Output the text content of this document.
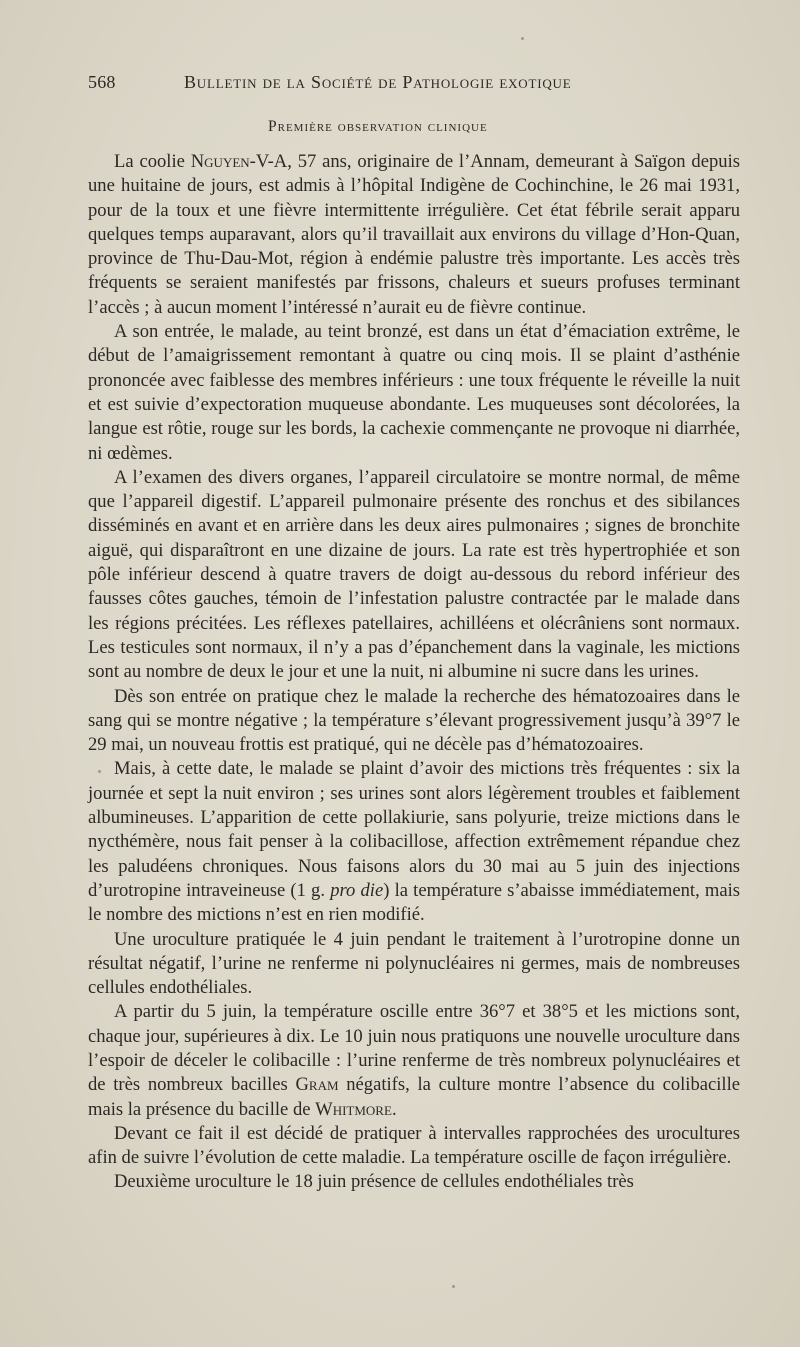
568	Bulletin de la Société de Pathologie exotique
Première observation clinique

La coolie Nguyen-V-A, 57 ans, originaire de l’Annam, demeurant à Saïgon depuis une huitaine de jours, est admis à l’hôpital Indigène de Cochinchine, le 26 mai 1931, pour de la toux et une fièvre intermittente irrégulière. Cet état fébrile serait apparu quelques temps auparavant, alors qu’il travaillait aux environs du village d’Hon-Quan, province de Thu-Dau-Mot, région à endémie palustre très importante. Les accès très fréquents se seraient manifestés par frissons, chaleurs et sueurs profuses terminant l’accès ; à aucun moment l’intéressé n’aurait eu de fièvre continue.

A son entrée, le malade, au teint bronzé, est dans un état d’émaciation extrême, le début de l’amaigrissement remontant à quatre ou cinq mois. Il se plaint d’asthénie prononcée avec faiblesse des membres inférieurs : une toux fréquente le réveille la nuit et est suivie d’expectoration muqueuse abondante. Les muqueuses sont décolorées, la langue est rôtie, rouge sur les bords, la cachexie commençante ne provoque ni diarrhée, ni œdèmes.

A l’examen des divers organes, l’appareil circulatoire se montre normal, de même que l’appareil digestif. L’appareil pulmonaire présente des ronchus et des sibilances disséminés en avant et en arrière dans les deux aires pulmonaires ; signes de bronchite aiguë, qui disparaîtront en une dizaine de jours. La rate est très hypertrophiée et son pôle inférieur descend à quatre travers de doigt au-dessous du rebord inférieur des fausses côtes gauches, témoin de l’infestation palustre contractée par le malade dans les régions précitées. Les réflexes patellaires, achilléens et olécrâniens sont normaux. Les testicules sont normaux, il n’y a pas d’épanchement dans la vaginale, les mictions sont au nombre de deux le jour et une la nuit, ni albumine ni sucre dans les urines.

Dès son entrée on pratique chez le malade la recherche des hématozoaires dans le sang qui se montre négative ; la température s’élevant progressivement jusqu’à 39°7 le 29 mai, un nouveau frottis est pratiqué, qui ne décèle pas d’hématozoaires.

Mais, à cette date, le malade se plaint d’avoir des mictions très fréquentes : six la journée et sept la nuit environ ; ses urines sont alors légèrement troubles et faiblement albumineuses. L’apparition de cette pollakiurie, sans polyurie, treize mictions dans le nycthémère, nous fait penser à la colibacillose, affection extrêmement répandue chez les paludéens chroniques. Nous faisons alors du 30 mai au 5 juin des injections d’urotropine intraveineuse (1 g. pro die) la température s’abaisse immédiatement, mais le nombre des mictions n’est en rien modifié.

Une uroculture pratiquée le 4 juin pendant le traitement à l’urotropine donne un résultat négatif, l’urine ne renferme ni polynucléaires ni germes, mais de nombreuses cellules endothéliales.

A partir du 5 juin, la température oscille entre 36°7 et 38°5 et les mictions sont, chaque jour, supérieures à dix. Le 10 juin nous pratiquons une nouvelle uroculture dans l’espoir de déceler le colibacille : l’urine renferme de très nombreux polynucléaires et de très nombreux bacilles Gram négatifs, la culture montre l’absence du colibacille mais la présence du bacille de Whitmore.

Devant ce fait il est décidé de pratiquer à intervalles rapprochées des urocultures afin de suivre l’évolution de cette maladie. La température oscille de façon irrégulière.

Deuxième uroculture le 18 juin présence de cellules endothéliales très
